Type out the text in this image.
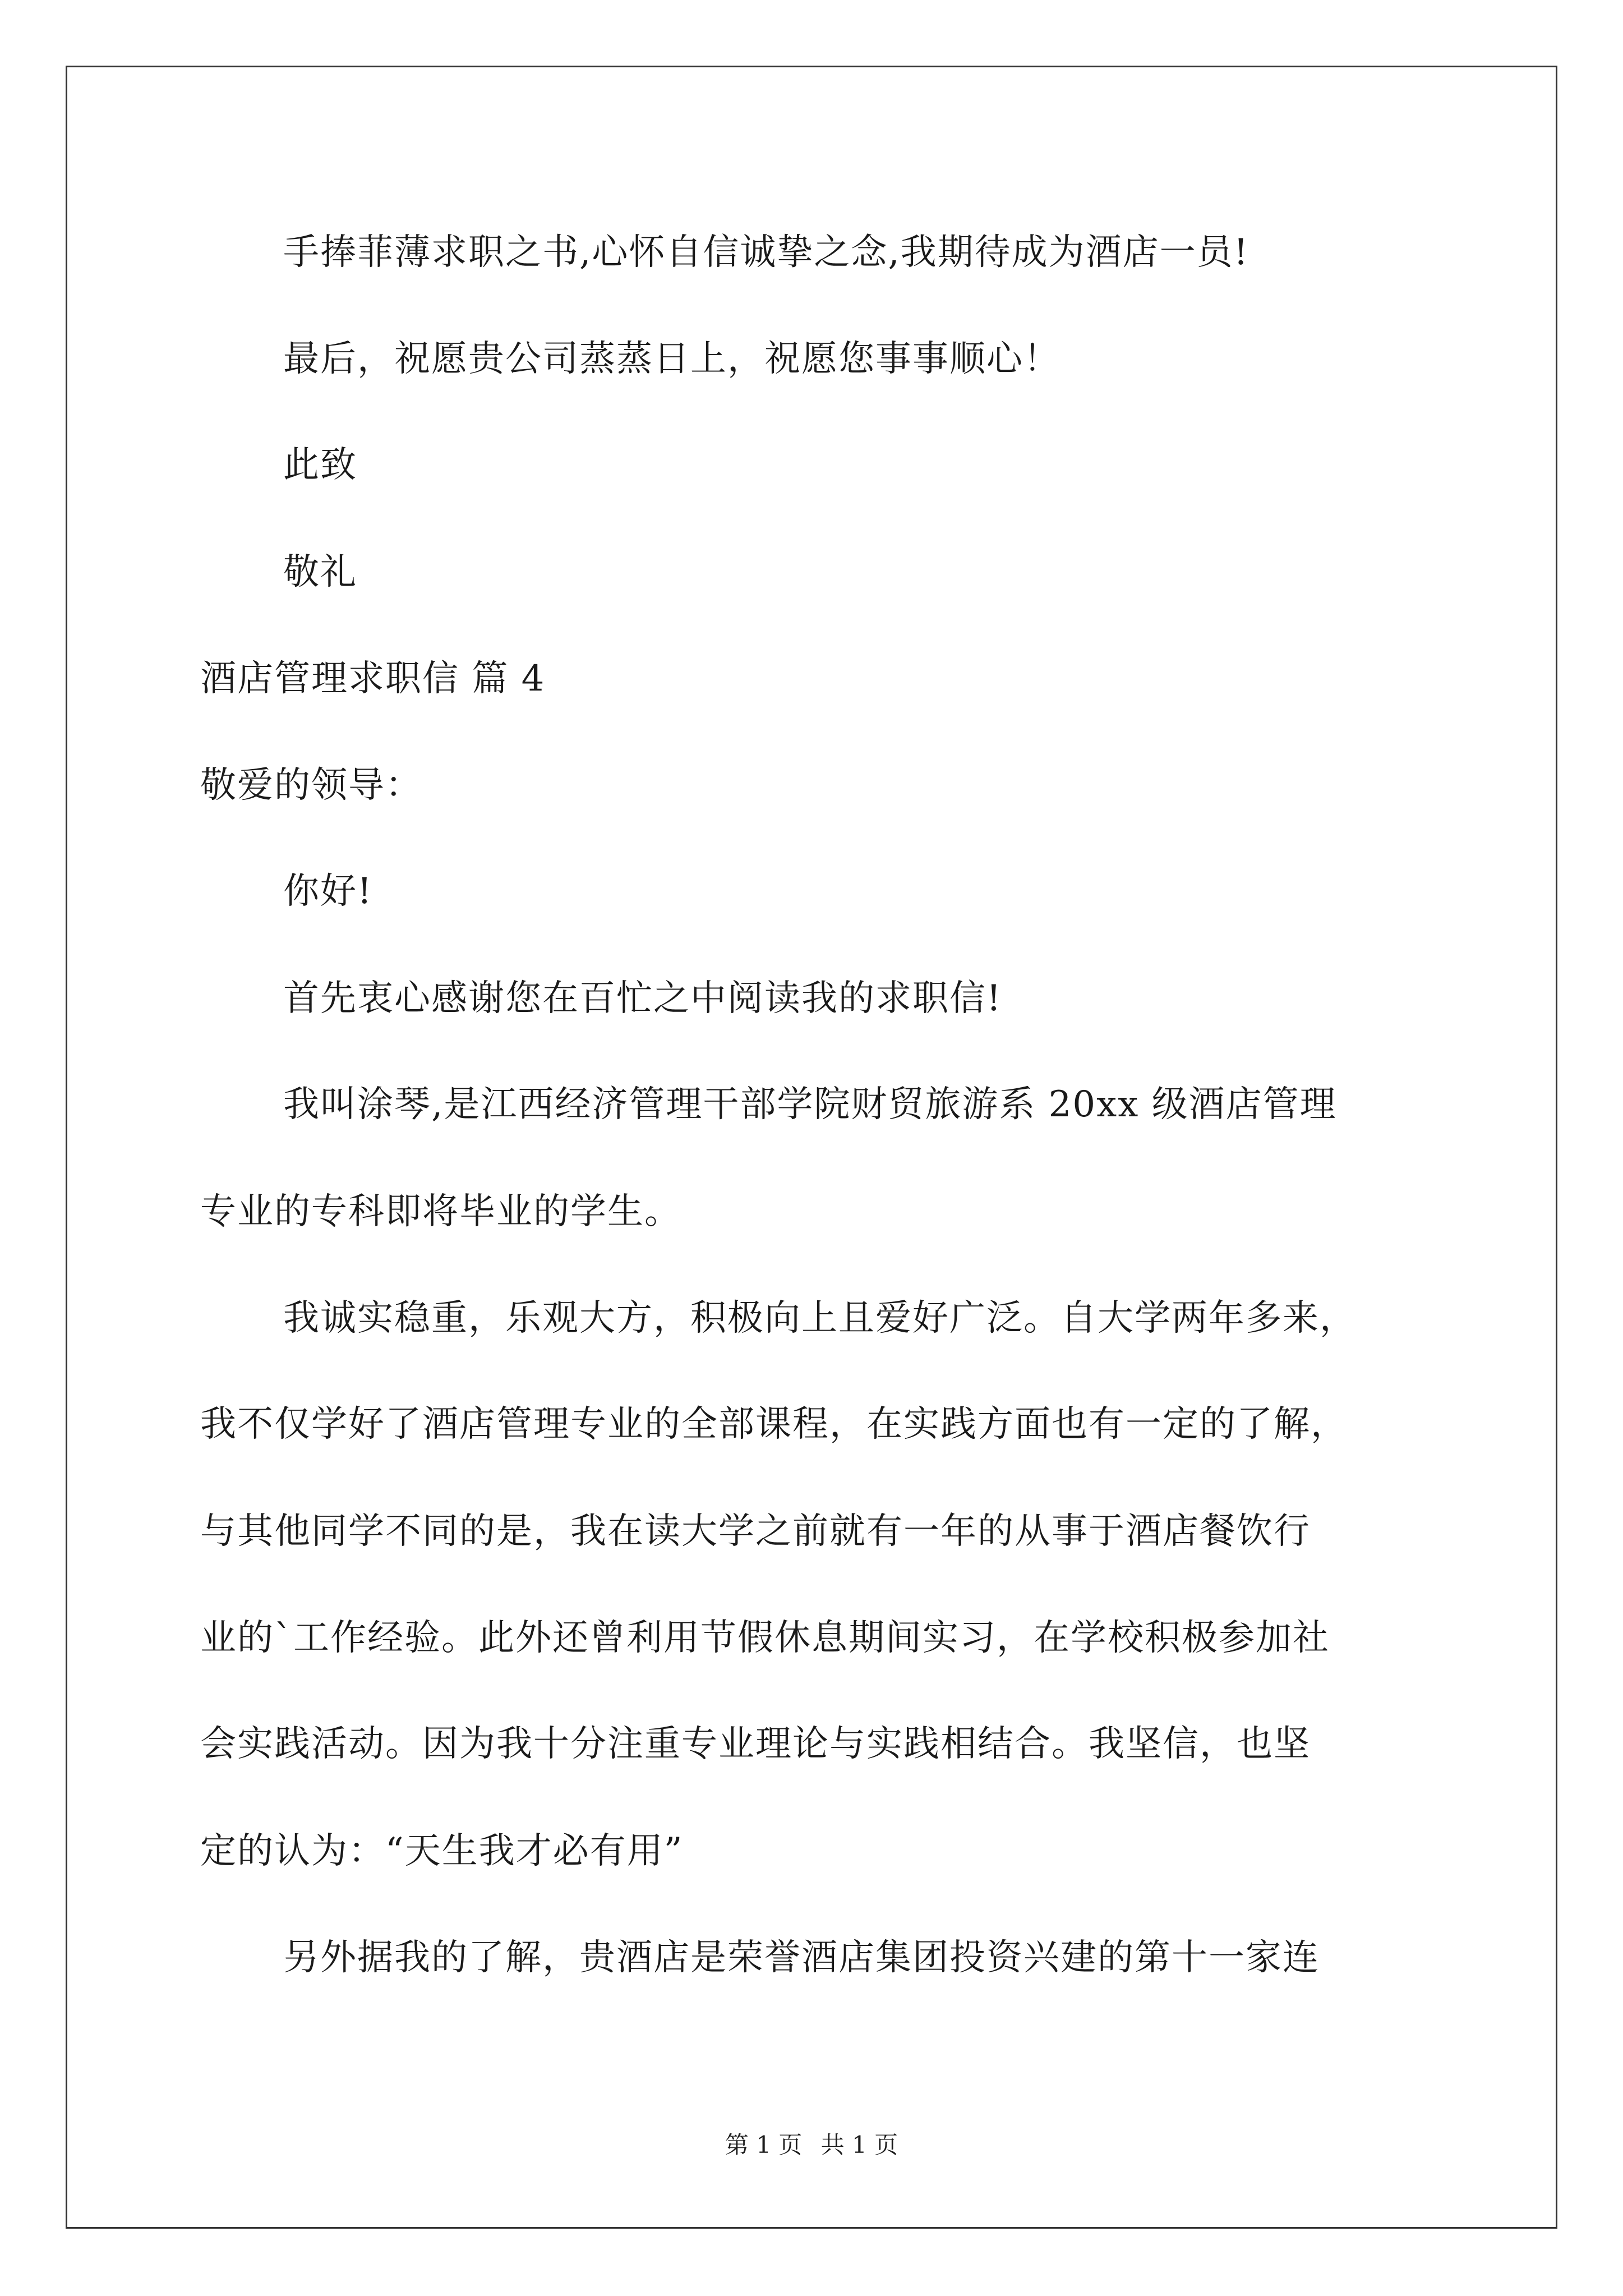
手捧菲薄求职之书,心怀自信诚挚之念,我期待成为酒店一员!
最后，祝愿贵公司蒸蒸日上，祝愿您事事顺心！
此致
敬礼
酒店管理求职信 篇 4
敬爱的领导：
你好!
首先衷心感谢您在百忙之中阅读我的求职信!
我叫涂琴,是江西经济管理干部学院财贸旅游系 20xx 级酒店管理
专业的专科即将毕业的学生。
我诚实稳重，乐观大方，积极向上且爱好广泛。自大学两年多来，
我不仅学好了酒店管理专业的全部课程，在实践方面也有一定的了解，
与其他同学不同的是，我在读大学之前就有一年的从事于酒店餐饮行
业的`工作经验。此外还曾利用节假休息期间实习，在学校积极参加社
会实践活动。因为我十分注重专业理论与实践相结合。我坚信，也坚
定的认为：“天生我才必有用”
另外据我的了解，贵酒店是荣誉酒店集团投资兴建的第十一家连
第 1 页 共 1 页
